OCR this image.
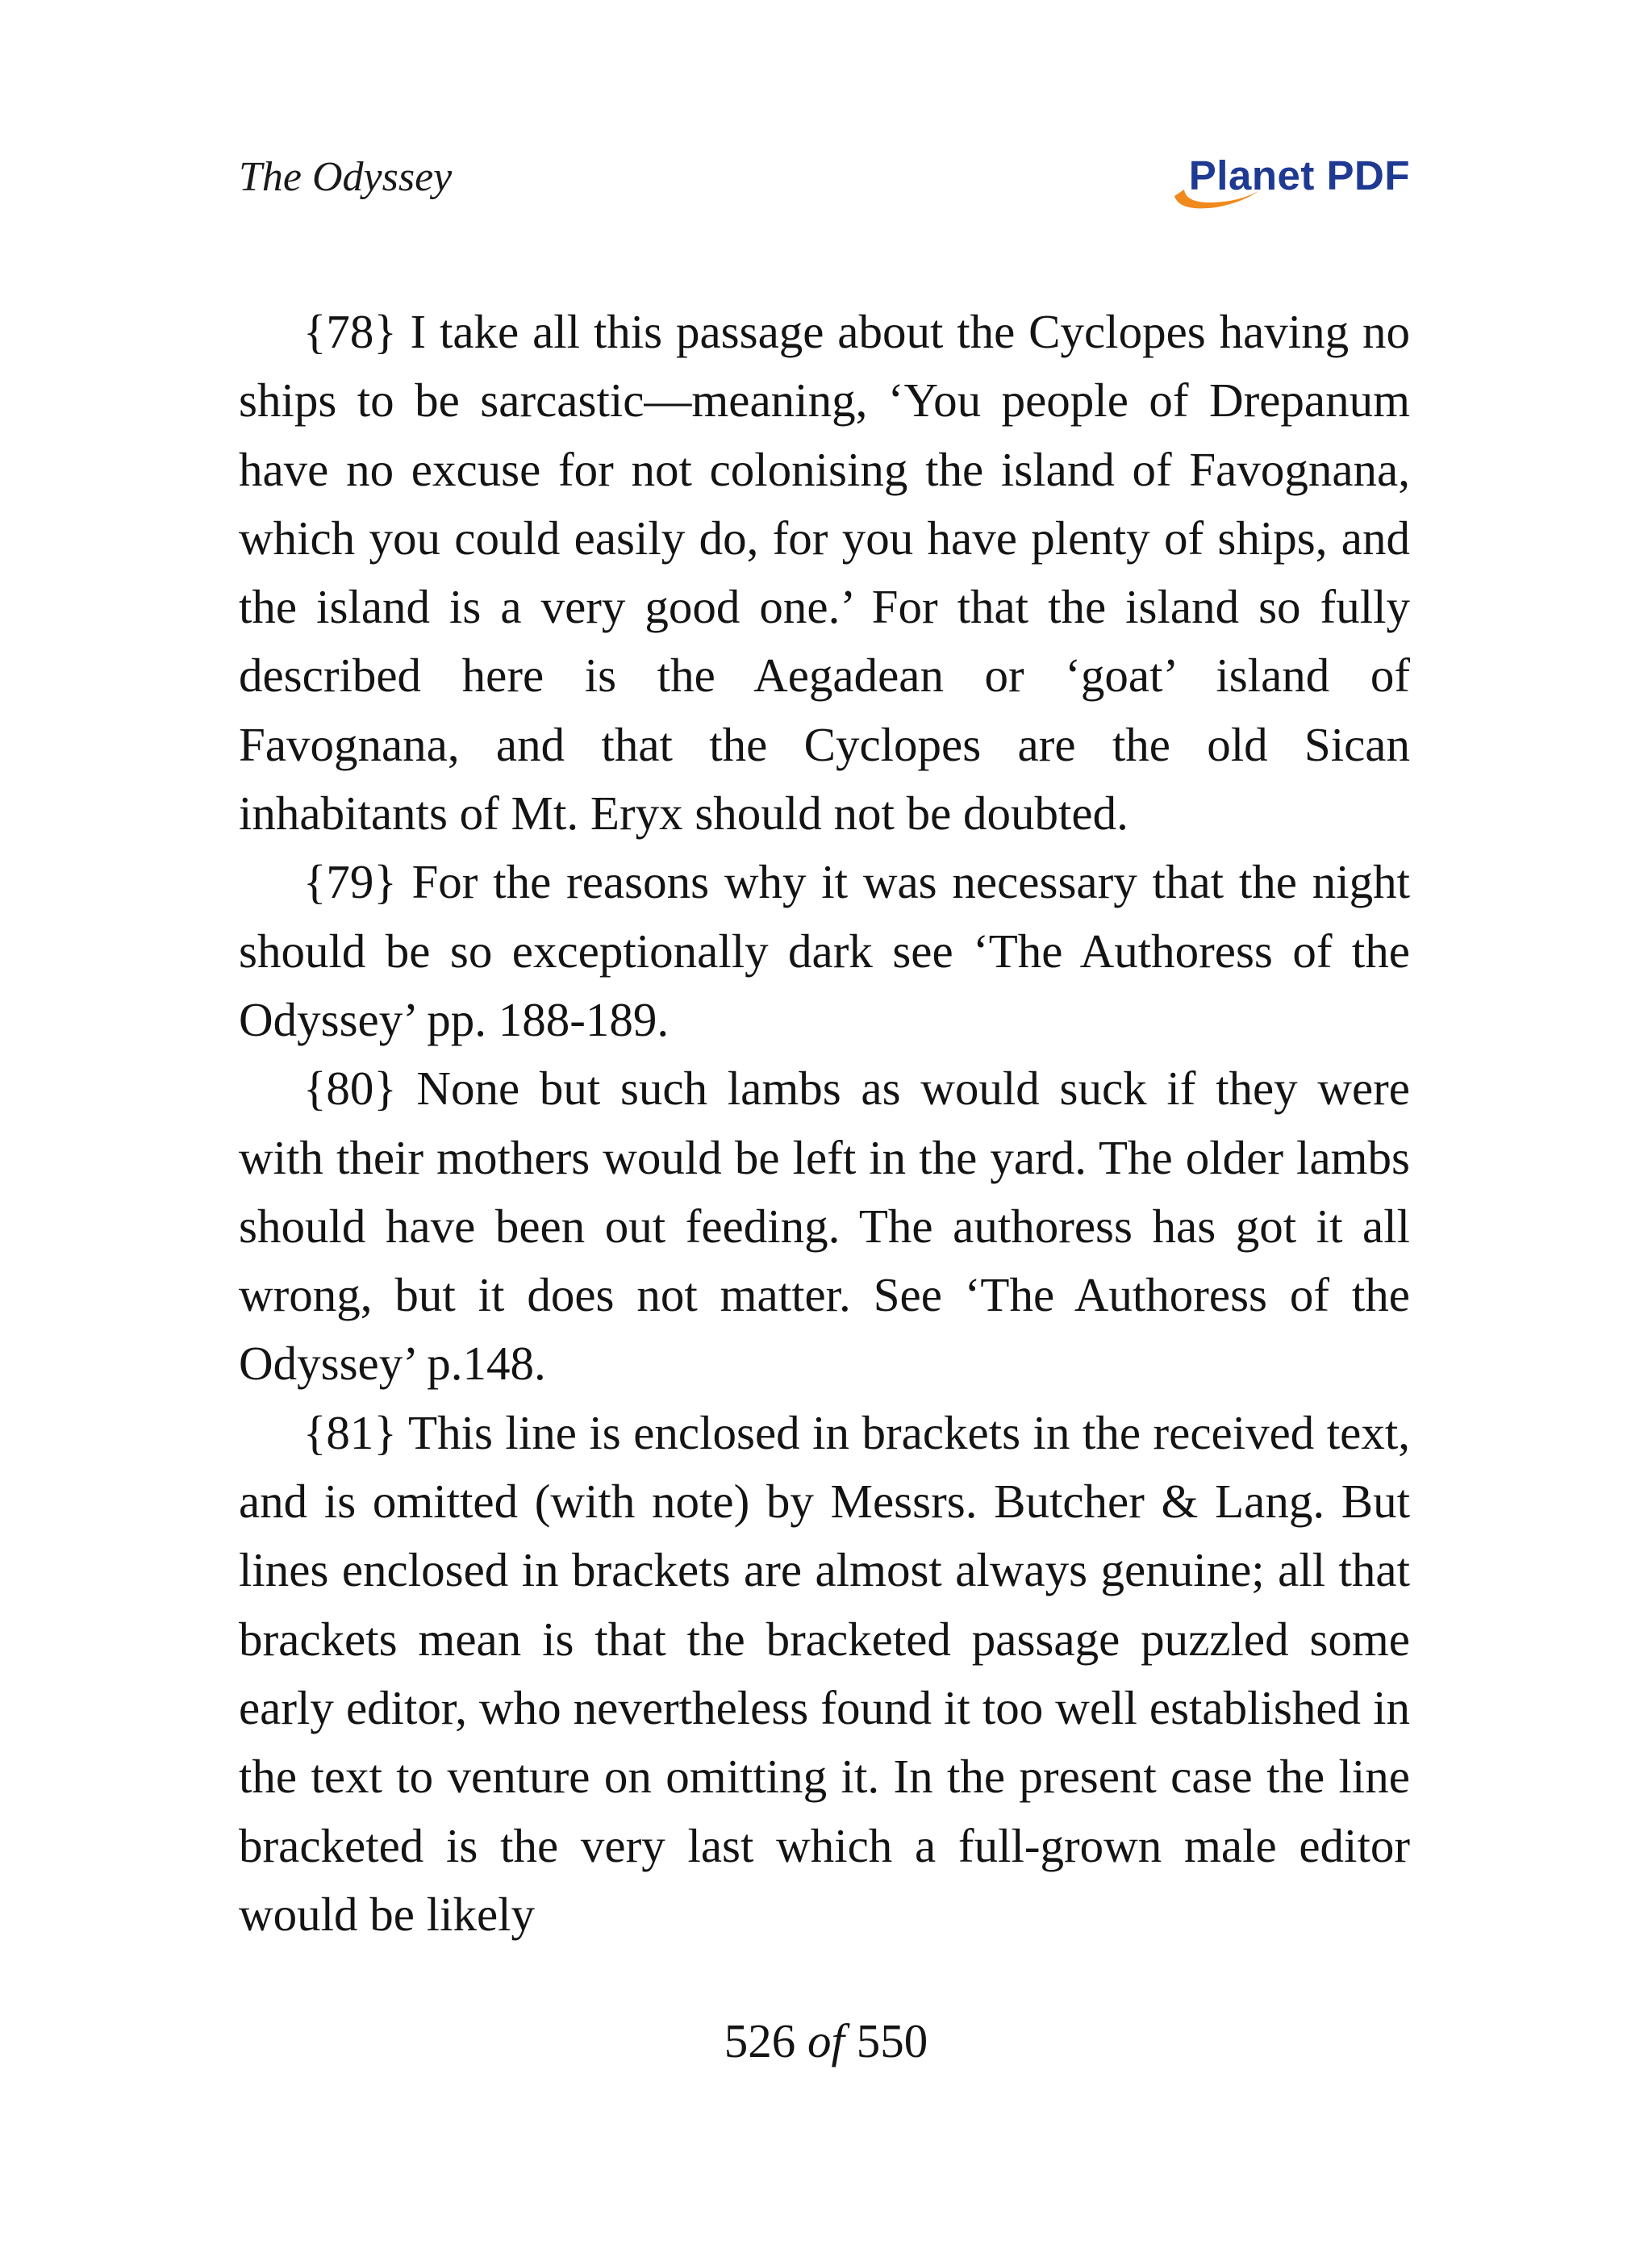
The Odyssey	Planet PDF

{78} I take all this passage about the Cyclopes having no ships to be sarcastic—meaning, ‘You people of Drepanum have no excuse for not colonising the island of Favognana, which you could easily do, for you have plenty of ships, and the island is a very good one.’ For that the island so fully described here is the Aegadean or ‘goat’ island of Favognana, and that the Cyclopes are the old Sican inhabitants of Mt. Eryx should not be doubted.

{79} For the reasons why it was necessary that the night should be so exceptionally dark see ‘The Authoress of the Odyssey’ pp. 188-189.

{80} None but such lambs as would suck if they were with their mothers would be left in the yard. The older lambs should have been out feeding. The authoress has got it all wrong, but it does not matter. See ‘The Authoress of the Odyssey’ p.148.

{81} This line is enclosed in brackets in the received text, and is omitted (with note) by Messrs. Butcher & Lang. But lines enclosed in brackets are almost always genuine; all that brackets mean is that the bracketed passage puzzled some early editor, who nevertheless found it too well established in the text to venture on omitting it. In the present case the line bracketed is the very last which a full-grown male editor would be likely

526 of 550
